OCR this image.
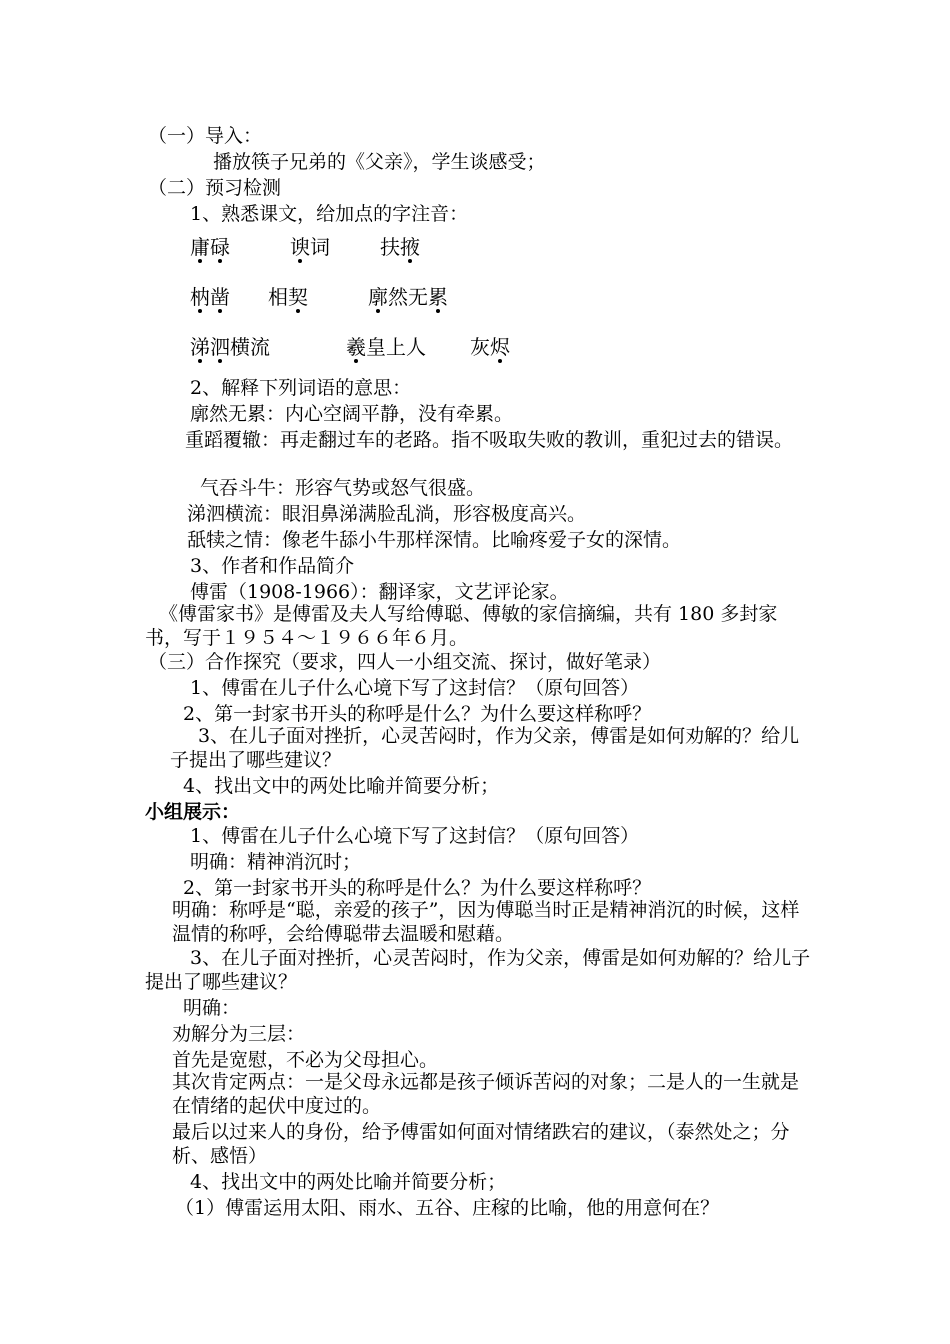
（一）导入：
播放筷子兄弟的《父亲》，学生谈感受；
（二）预习检测
1、熟悉课文，给加点的字注音：
庸碌	谀词	扶掖
枘凿 相契	廓然无累
涕泗横流	羲皇上人 灰烬
2、解释下列词语的意思：
廓然无累：内心空阔平静，没有牵累。
重蹈覆辙：再走翻过车的老路。指不吸取失败的教训，重犯过去的错误。
气吞斗牛：形容气势或怒气很盛。
涕泗横流：眼泪鼻涕满脸乱淌，形容极度高兴。
舐犊之情：像老牛舔小牛那样深情。比喻疼爱子女的深情。
3、作者和作品简介
傅雷（1908-1966）：翻译家，文艺评论家。
《傅雷家书》是傅雷及夫人写给傅聪、傅敏的家信摘编，共有 180 多封家书，写于１９５４～１９６６年６月。
（三）合作探究（要求，四人一小组交流、探讨，做好笔录）
1、傅雷在儿子什么心境下写了这封信？（原句回答）
2、第一封家书开头的称呼是什么？为什么要这样称呼？
3、在儿子面对挫折，心灵苦闷时，作为父亲，傅雷是如何劝解的？给儿子提出了哪些建议？
4、找出文中的两处比喻并简要分析；
小组展示：
1、傅雷在儿子什么心境下写了这封信？（原句回答）
明确：精神消沉时；
2、第一封家书开头的称呼是什么？为什么要这样称呼？
明确：称呼是“聪，亲爱的孩子”，因为傅聪当时正是精神消沉的时候，这样温情的称呼，会给傅聪带去温暖和慰藉。
3、在儿子面对挫折，心灵苦闷时，作为父亲，傅雷是如何劝解的？给儿子提出了哪些建议？
明确：
劝解分为三层：
首先是宽慰，不必为父母担心。
其次肯定两点：一是父母永远都是孩子倾诉苦闷的对象；二是人的一生就是在情绪的起伏中度过的。
最后以过来人的身份，给予傅雷如何面对情绪跌宕的建议，（泰然处之；分析、感悟）
4、找出文中的两处比喻并简要分析；
（1）傅雷运用太阳、雨水、五谷、庄稼的比喻，他的用意何在？
